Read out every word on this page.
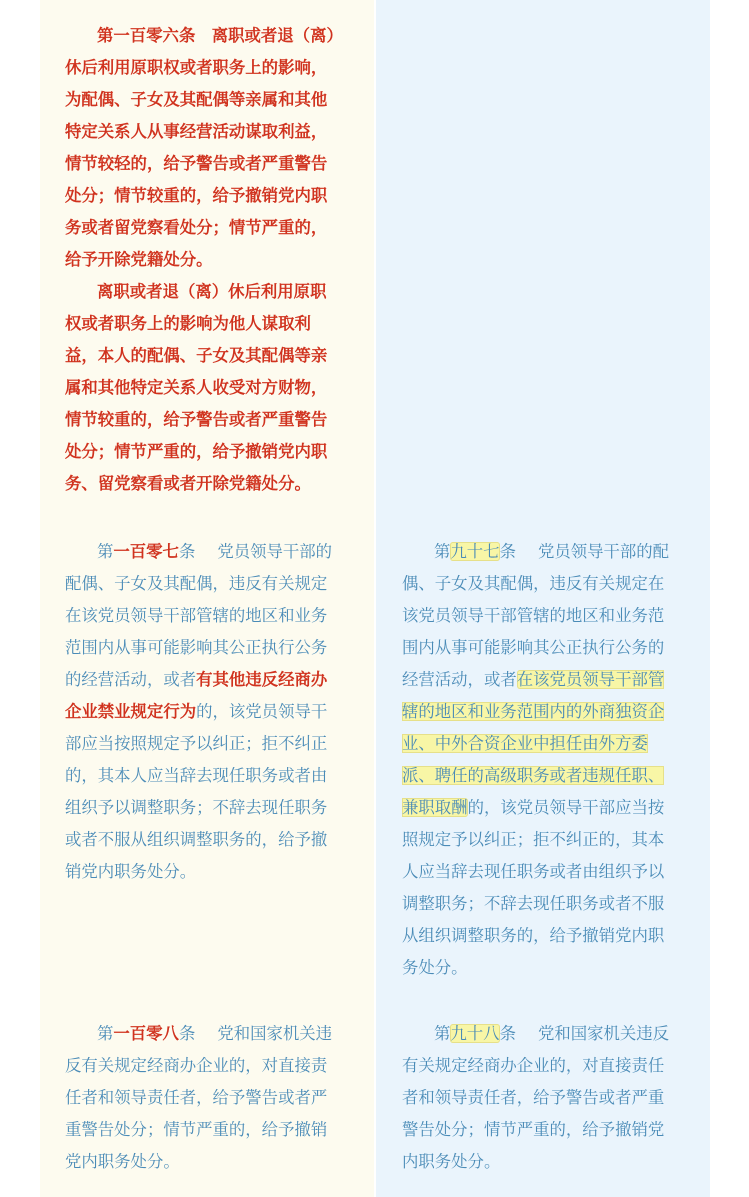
第一百零六条　离职或者退（离）
休后利用原职权或者职务上的影响，
为配偶、子女及其配偶等亲属和其他
特定关系人从事经营活动谋取利益，
情节较轻的，给予警告或者严重警告
处分；情节较重的，给予撤销党内职
务或者留党察看处分；情节严重的，
给予开除党籍处分。

离职或者退（离）休后利用原职
权或者职务上的影响为他人谋取利
益，本人的配偶、子女及其配偶等亲
属和其他特定关系人收受对方财物，
情节较重的，给予警告或者严重警告
处分；情节严重的，给予撤销党内职
务、留党察看或者开除党籍处分。

第一百零七条 党员领导干部的
配偶、子女及其配偶，违反有关规定
在该党员领导干部管辖的地区和业务
范围内从事可能影响其公正执行公务
的经营活动，或者有其他违反经商办
企业禁业规定行为的，该党员领导干
部应当按照规定予以纠正；拒不纠正
的，其本人应当辞去现任职务或者由
组织予以调整职务；不辞去现任职务
或者不服从组织调整职务的，给予撤
销党内职务处分。

第一百零八条 党和国家机关违
反有关规定经商办企业的，对直接责
任者和领导责任者，给予警告或者严
重警告处分；情节严重的，给予撤销
党内职务处分。

第九十七条 党员领导干部的配
偶、子女及其配偶，违反有关规定在
该党员领导干部管辖的地区和业务范
围内从事可能影响其公正执行公务的
经营活动，或者在该党员领导干部管
辖的地区和业务范围内的外商独资企
业、中外合资企业中担任由外方委
派、聘任的高级职务或者违规任职、
兼职取酬的，该党员领导干部应当按
照规定予以纠正；拒不纠正的，其本
人应当辞去现任职务或者由组织予以
调整职务；不辞去现任职务或者不服
从组织调整职务的，给予撤销党内职
务处分。

第九十八条 党和国家机关违反
有关规定经商办企业的，对直接责任
者和领导责任者，给予警告或者严重
警告处分；情节严重的，给予撤销党
内职务处分。
